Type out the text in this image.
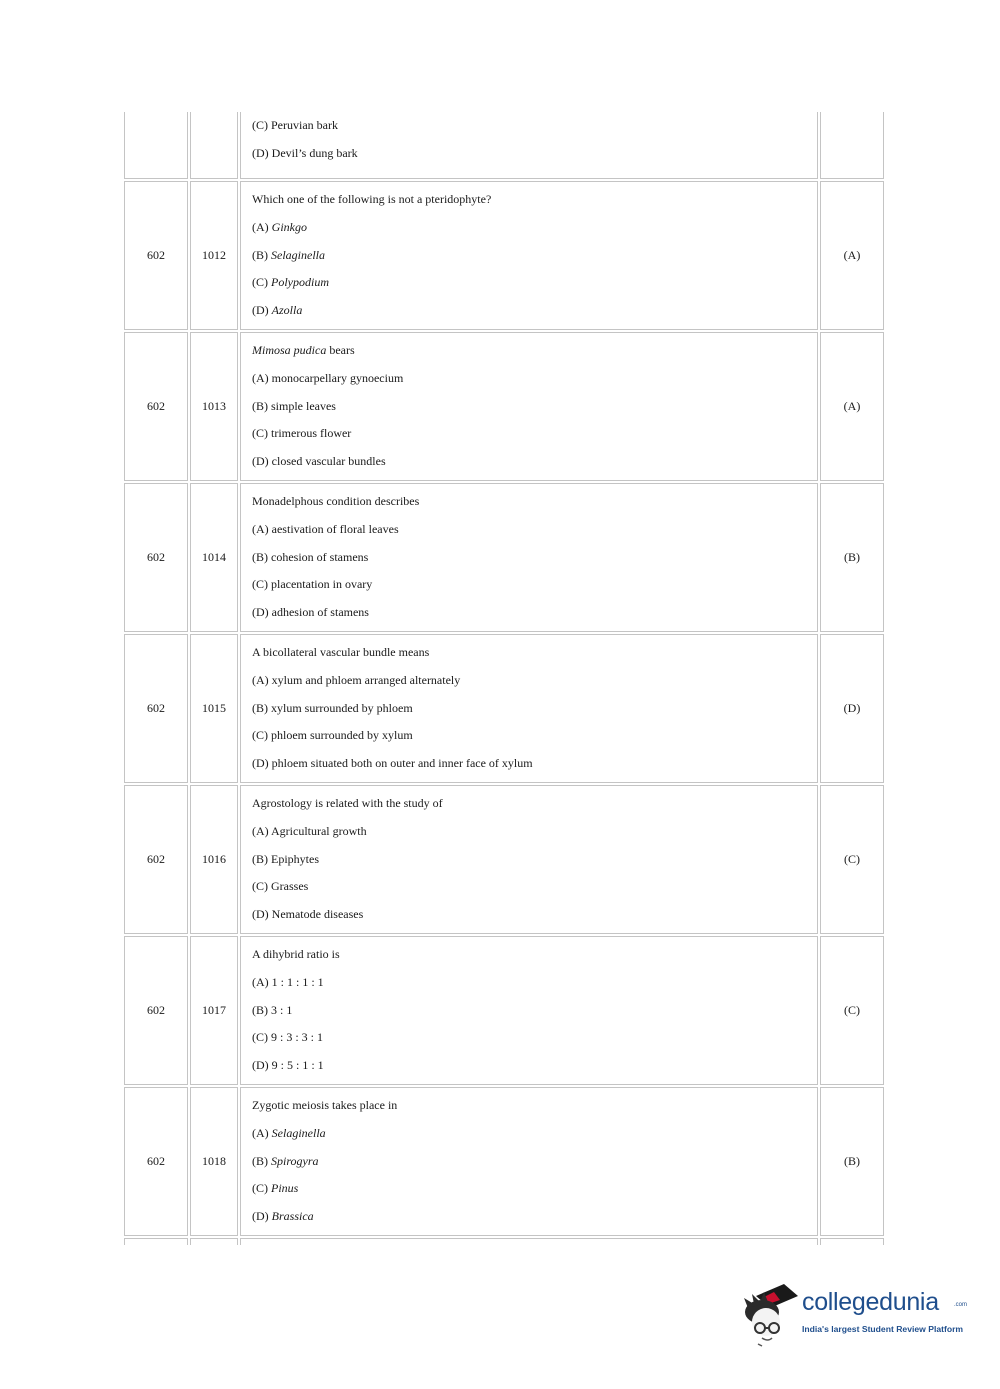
		(C) Peruvian bark
(D) Devil’s dung bark	

602	1012	Which one of the following is not a pteridophyte?
(A) Ginkgo
(B) Selaginella
(C) Polypodium
(D) Azolla	(A)
602	1013	Mimosa pudica bears
(A) monocarpellary gynoecium
(B) simple leaves
(C) trimerous flower
(D) closed vascular bundles	(A)
602	1014	Monadelphous condition describes
(A) aestivation of floral leaves
(B) cohesion of stamens
(C) placentation in ovary
(D) adhesion of stamens	(B)
602	1015	A bicollateral vascular bundle means
(A) xylum and phloem arranged alternately
(B) xylum surrounded by phloem
(C) phloem surrounded by xylum
(D) phloem situated both on outer and inner face of xylum	(D)
602	1016	Agrostology is related with the study of
(A) Agricultural growth
(B) Epiphytes
(C) Grasses
(D) Nematode diseases	(C)
602	1017	A dihybrid ratio is
(A) 1 : 1 : 1 : 1
(B) 3 : 1
(C) 9 : 3 : 3 : 1
(D) 9 : 5 : 1 : 1	(C)
602	1018	Zygotic meiosis takes place in
(A) Selaginella
(B) Spirogyra
(C) Pinus
(D) Brassica	(B)

collegedunia	.com
India's largest Student Review Platform
